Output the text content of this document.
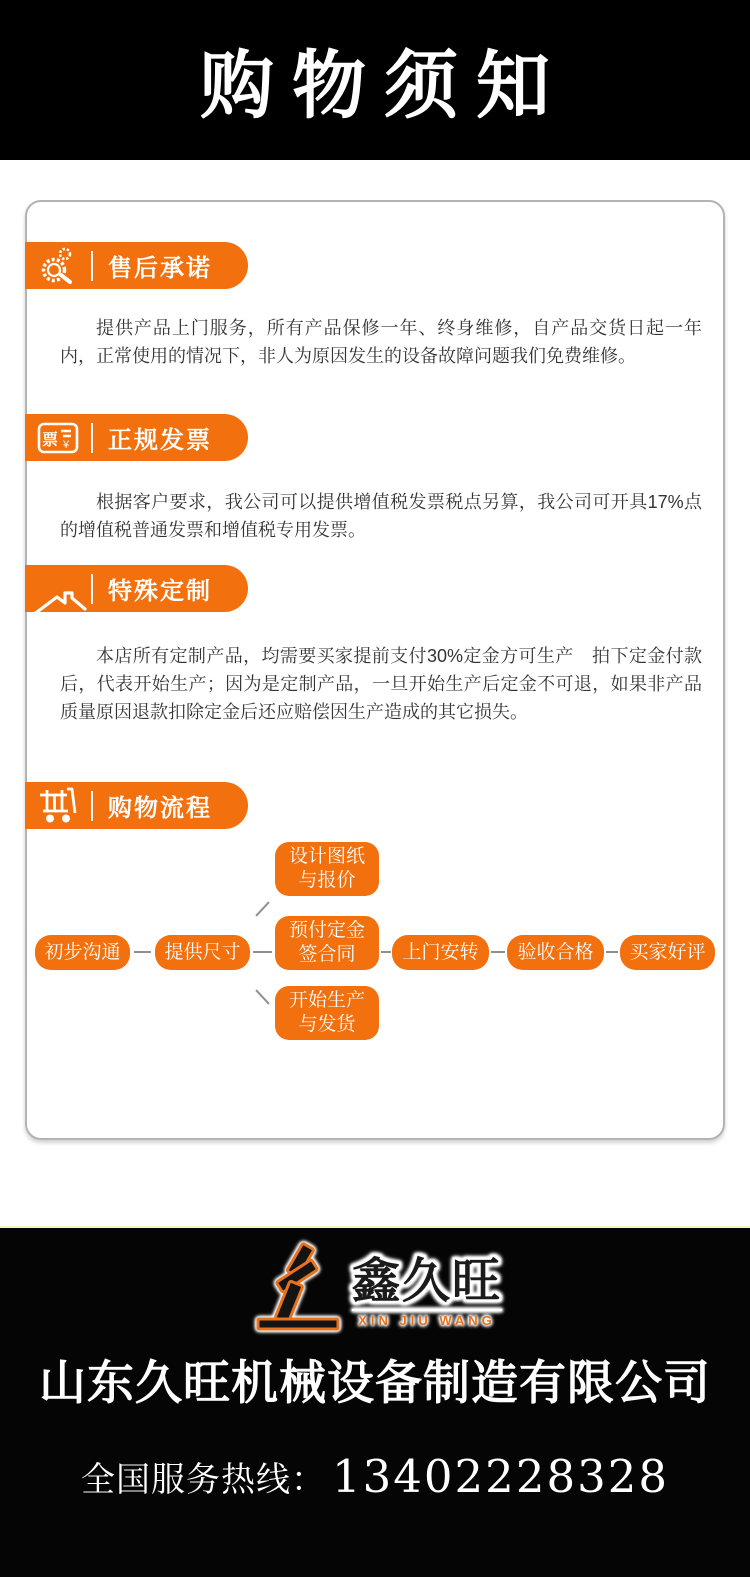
购物须知
售后承诺

提供产品上门服务，所有产品保修一年、终身维修，自产品交货日起一年内，正常使用的情况下，非人为原因发生的设备故障问题我们免费维修。

票 ¥	正规发票

根据客户要求，我公司可以提供增值税发票税点另算，我公司可开具17%点的增值税普通发票和增值税专用发票。

特殊定制

本店所有定制产品，均需要买家提前支付30%定金方可生产　拍下定金付款后，代表开始生产；因为是定制产品，一旦开始生产后定金不可退，如果非产品质量原因退款扣除定金后还应赔偿因生产造成的其它损失。

购物流程
初步沟通 提供尺寸
设计图纸
与报价
预付定金
签合同
开始生产
与发货
上门安转 验收合格 买家好评
鑫久旺
XIN JIU WANG
山东久旺机械设备制造有限公司
全国服务热线： 13402228328
